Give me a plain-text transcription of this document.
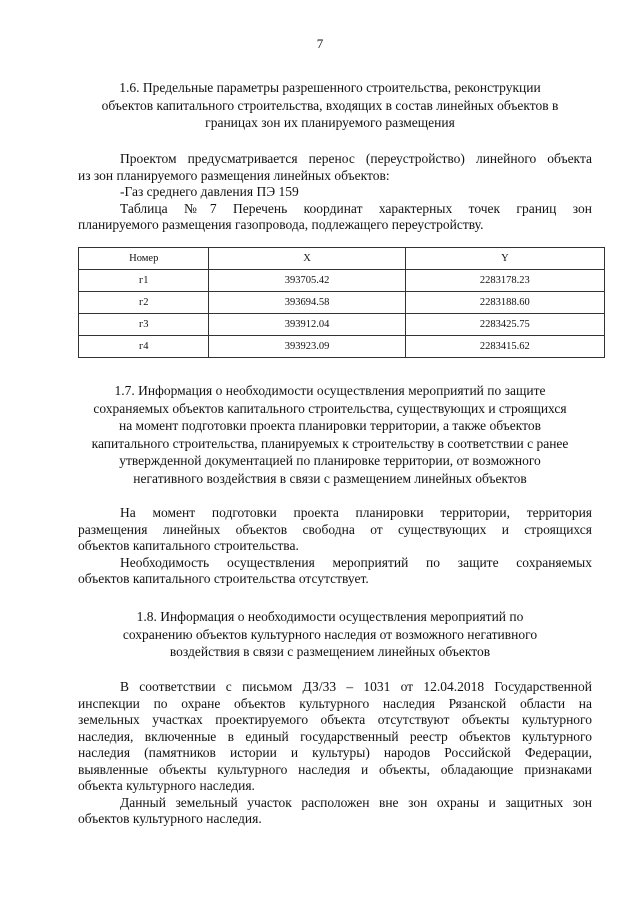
7
1.6. Предельные параметры разрешенного строительства, реконструкции
объектов капитального строительства, входящих в состав линейных объектов в
границах зон их планируемого размещения

Проектом предусматривается перенос (переустройство) линейного объекта
из зон планируемого размещения линейных объектов:
-Газ среднего давления ПЭ 159
Таблица №7 Перечень координат характерных точек границ зон
планируемого размещения газопровода, подлежащего переустройству.

Номер	X	Y
г1	393705.42	2283178.23
г2	393694.58	2283188.60
г3	393912.04	2283425.75
г4	393923.09	2283415.62
1.7. Информация о необходимости осуществления мероприятий по защите
сохраняемых объектов капитального строительства, существующих и строящихся
на момент подготовки проекта планировки территории, а также объектов
капитального строительства, планируемых к строительству в соответствии с ранее
утвержденной документацией по планировке территории, от возможного
негативного воздействия в связи с размещением линейных объектов

На момент подготовки проекта планировки территории, территория
размещения линейных объектов свободна от существующих и строящихся
объектов капитального строительства.
Необходимость осуществления мероприятий по защите сохраняемых
объектов капитального строительства отсутствует.

1.8. Информация о необходимости осуществления мероприятий по
сохранению объектов культурного наследия от возможного негативного
воздействия в связи с размещением линейных объектов

В соответствии с письмом ДЗ/33 – 1031 от 12.04.2018 Государственной
инспекции по охране объектов культурного наследия Рязанской области на
земельных участках проектируемого объекта отсутствуют объекты культурного
наследия, включенные в единый государственный реестр объектов культурного
наследия (памятников истории и культуры) народов Российской Федерации,
выявленные объекты культурного наследия и объекты, обладающие признаками
объекта культурного наследия.
Данный земельный участок расположен вне зон охраны и защитных зон
объектов культурного наследия.
